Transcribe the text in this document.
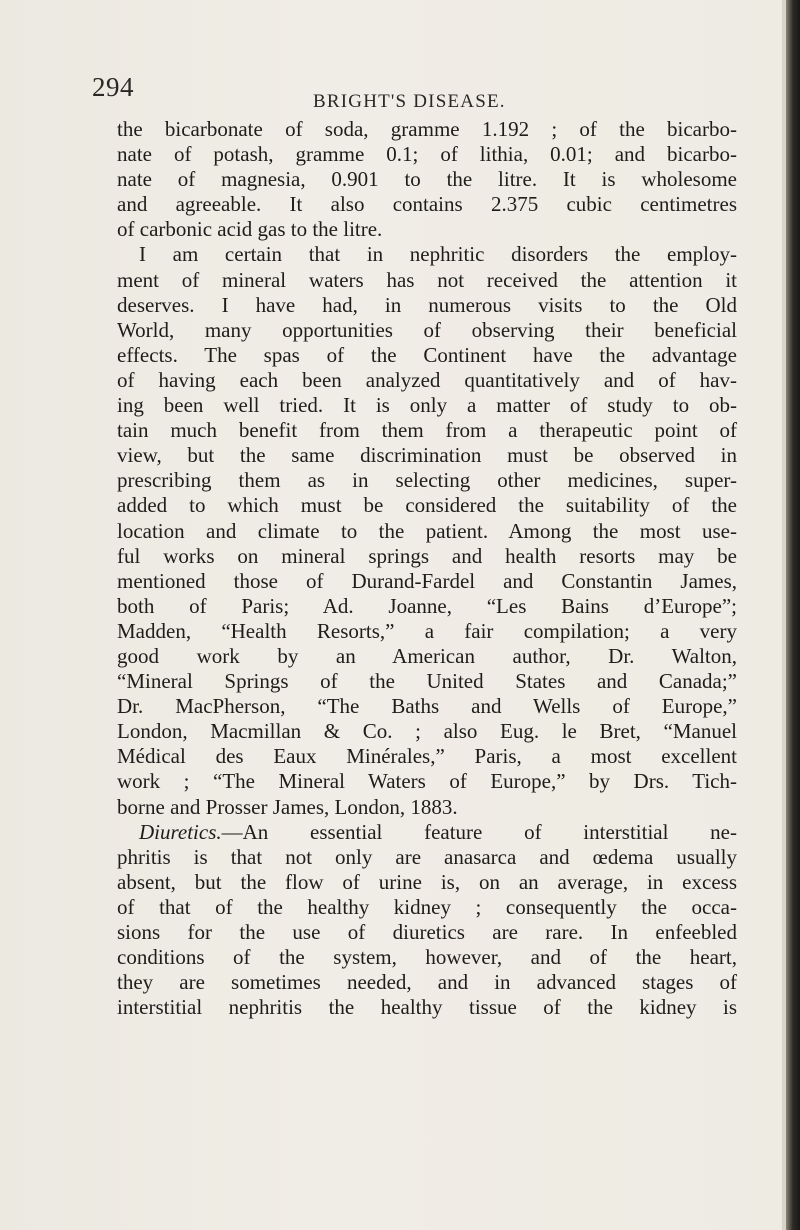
294	BRIGHT'S DISEASE.
the bicarbonate of soda, gramme 1.192 ; of the bicarbo-
nate of potash, gramme 0.1; of lithia, 0.01; and bicarbo-
nate of magnesia, 0.901 to the litre. It is wholesome
and agreeable. It also contains 2.375 cubic centimetres
of carbonic acid gas to the litre.
I am certain that in nephritic disorders the employ-
ment of mineral waters has not received the attention it
deserves. I have had, in numerous visits to the Old
World, many opportunities of observing their beneficial
effects. The spas of the Continent have the advantage
of having each been analyzed quantitatively and of hav-
ing been well tried. It is only a matter of study to ob-
tain much benefit from them from a therapeutic point of
view, but the same discrimination must be observed in
prescribing them as in selecting other medicines, super-
added to which must be considered the suitability of the
location and climate to the patient. Among the most use-
ful works on mineral springs and health resorts may be
mentioned those of Durand-Fardel and Constantin James,
both of Paris; Ad. Joanne, “Les Bains d’Europe”;
Madden, “Health Resorts,” a fair compilation; a very
good work by an American author, Dr. Walton,
“Mineral Springs of the United States and Canada;”
Dr. MacPherson, “The Baths and Wells of Europe,”
London, Macmillan & Co. ; also Eug. le Bret, “Manuel
Médical des Eaux Minérales,” Paris, a most excellent
work ; “The Mineral Waters of Europe,” by Drs. Tich-
borne and Prosser James, London, 1883.
Diuretics.—An essential feature of interstitial ne-
phritis is that not only are anasarca and œdema usually
absent, but the flow of urine is, on an average, in excess
of that of the healthy kidney ; consequently the occa-
sions for the use of diuretics are rare. In enfeebled
conditions of the system, however, and of the heart,
they are sometimes needed, and in advanced stages of
interstitial nephritis the healthy tissue of the kidney is
